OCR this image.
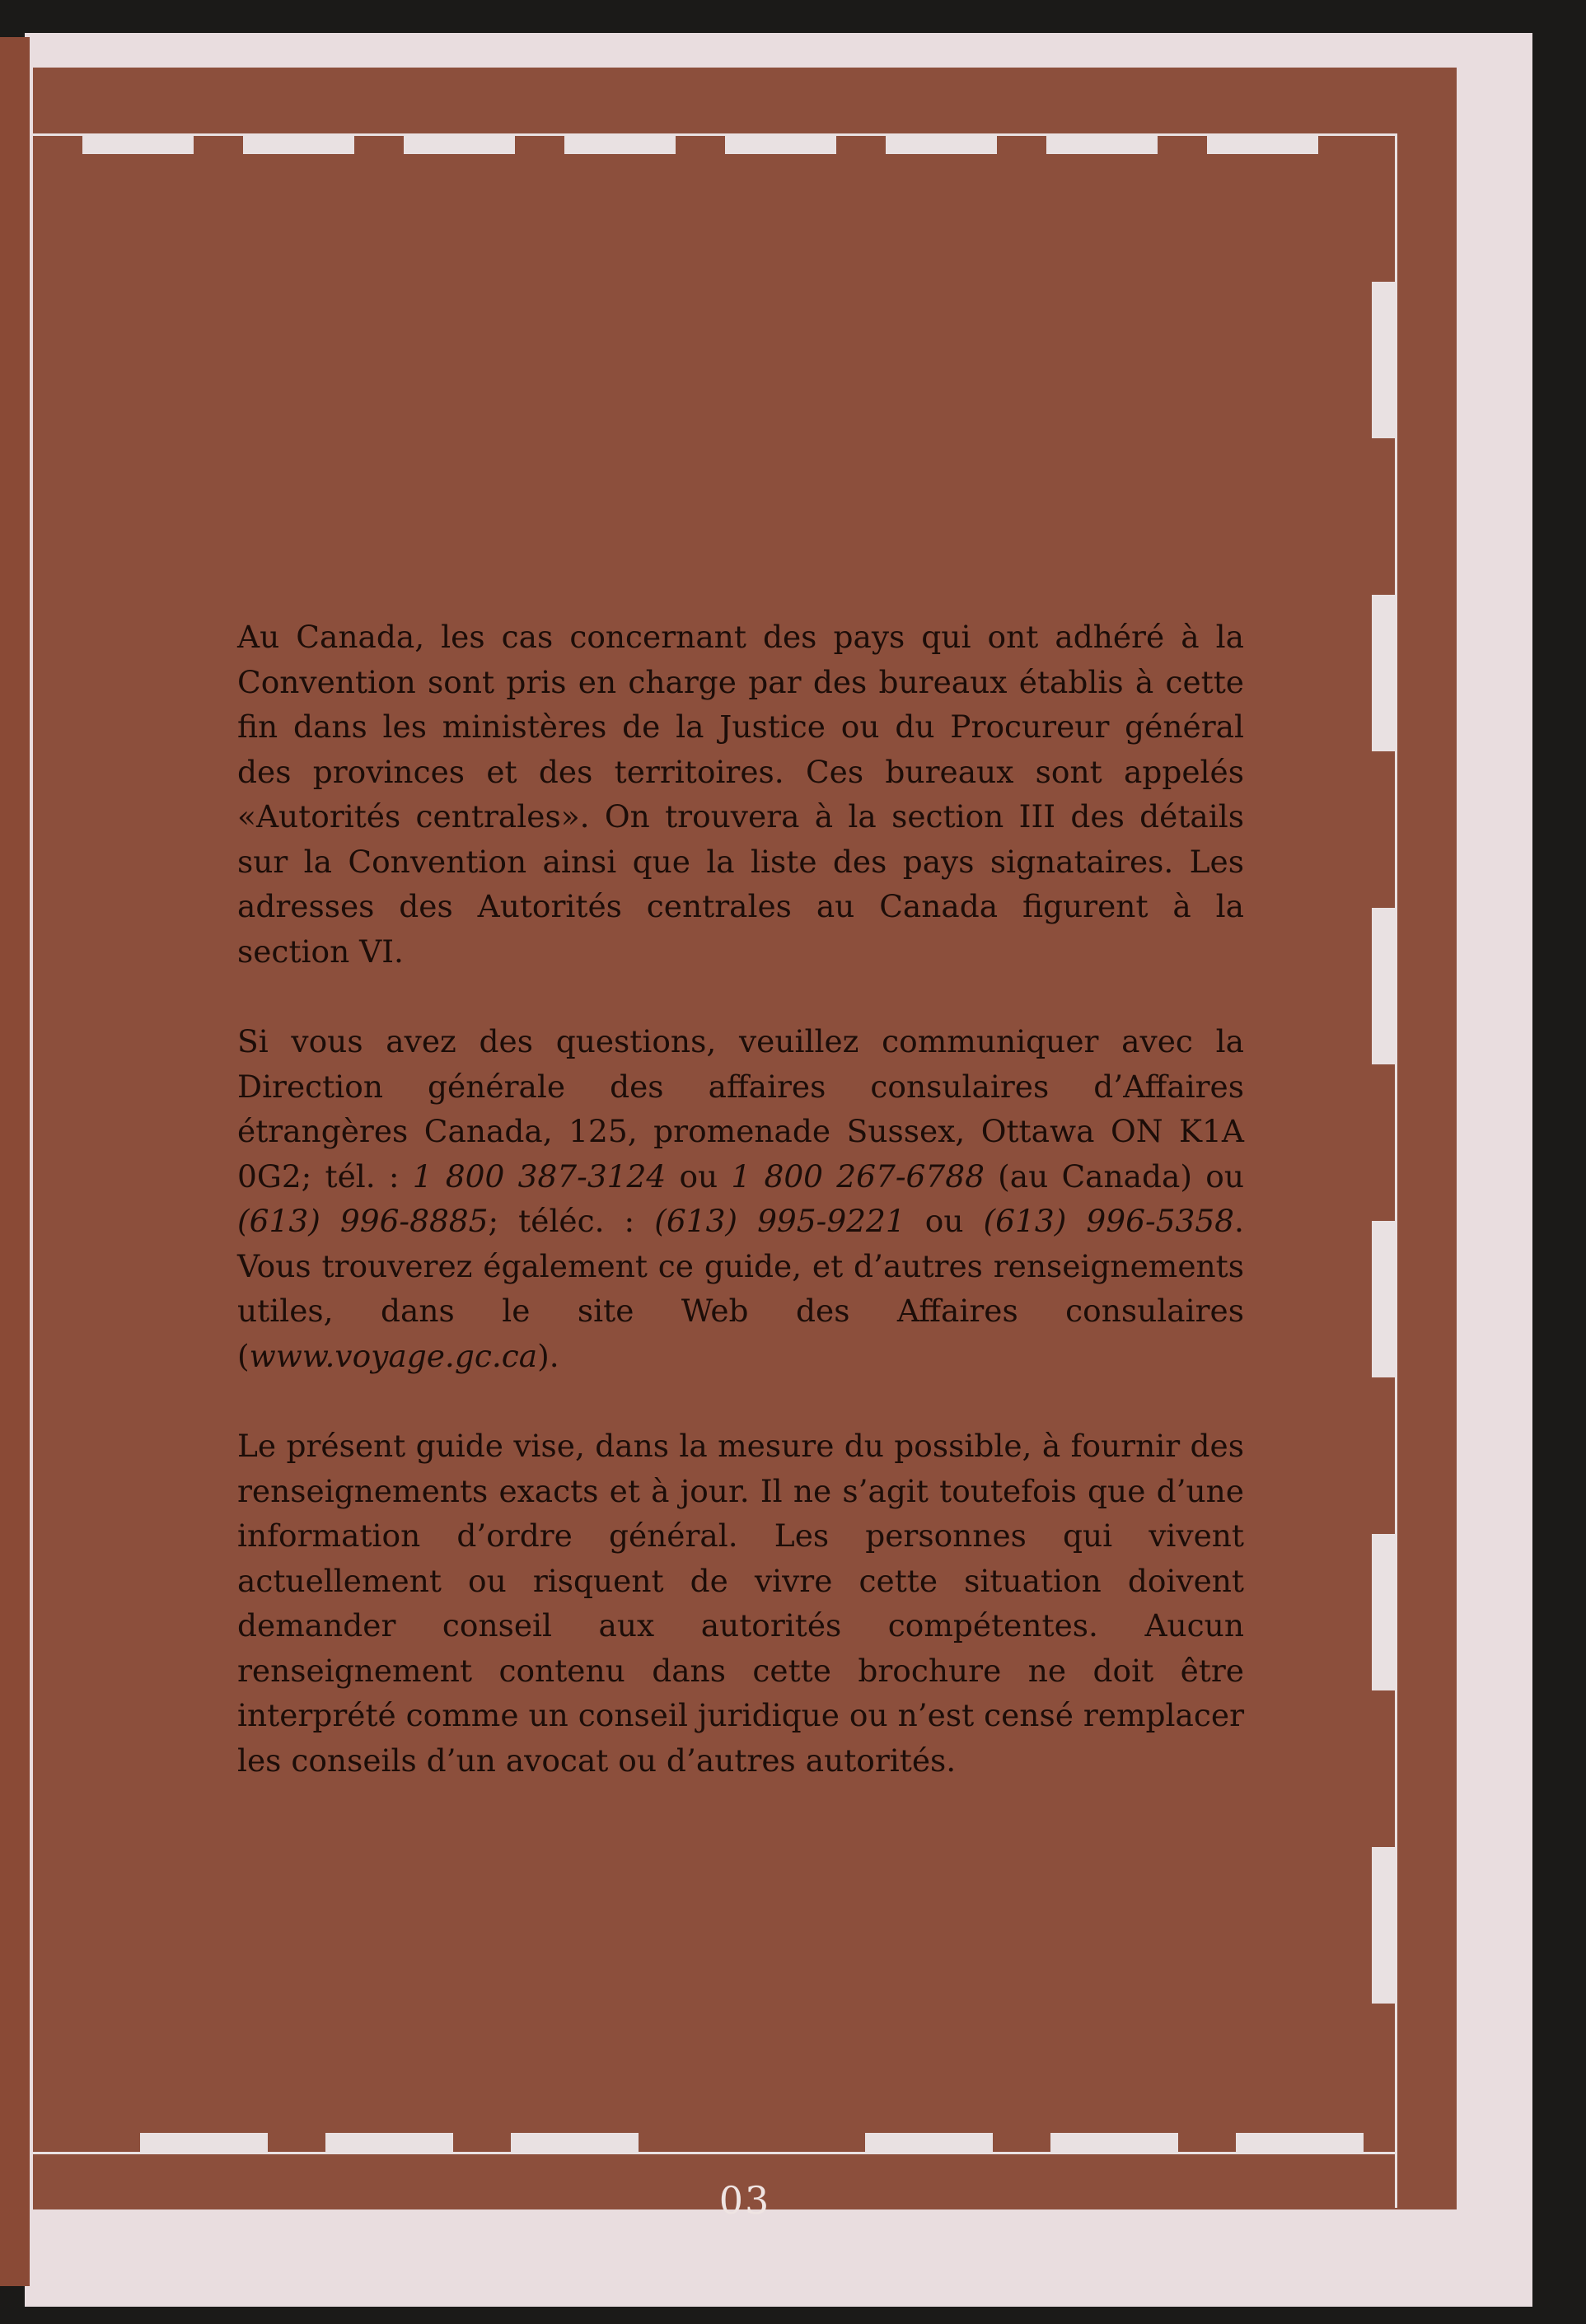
03

Au Canada, les cas concernant des pays qui ont adhéré à la Convention sont pris en charge par des bureaux établis à cette fin dans les ministères de la Justice ou du Procureur général des provinces et des territoires. Ces bureaux sont appelés «Autorités centrales». On trouvera à la section III des détails sur la Convention ainsi que la liste des pays signataires. Les adresses des Autorités centrales au Canada figurent à la section VI.

Si vous avez des questions, veuillez communiquer avec la Direction générale des affaires consulaires d’Affaires étrangères Canada, 125, promenade Sussex, Ottawa ON K1A 0G2; tél. : 1 800 387-3124 ou 1 800 267-6788 (au Canada) ou (613) 996-8885; téléc. : (613) 995-9221 ou (613) 996-5358. Vous trouverez également ce guide, et d’autres renseignements utiles, dans le site Web des Affaires consulaires (www.voyage.gc.ca).

Le présent guide vise, dans la mesure du possible, à fournir des renseignements exacts et à jour. Il ne s’agit toutefois que d’une information d’ordre général. Les personnes qui vivent actuellement ou risquent de vivre cette situation doivent demander conseil aux autorités compétentes. Aucun renseignement contenu dans cette brochure ne doit être interprété comme un conseil juridique ou n’est censé remplacer les conseils d’un avocat ou d’autres autorités.
